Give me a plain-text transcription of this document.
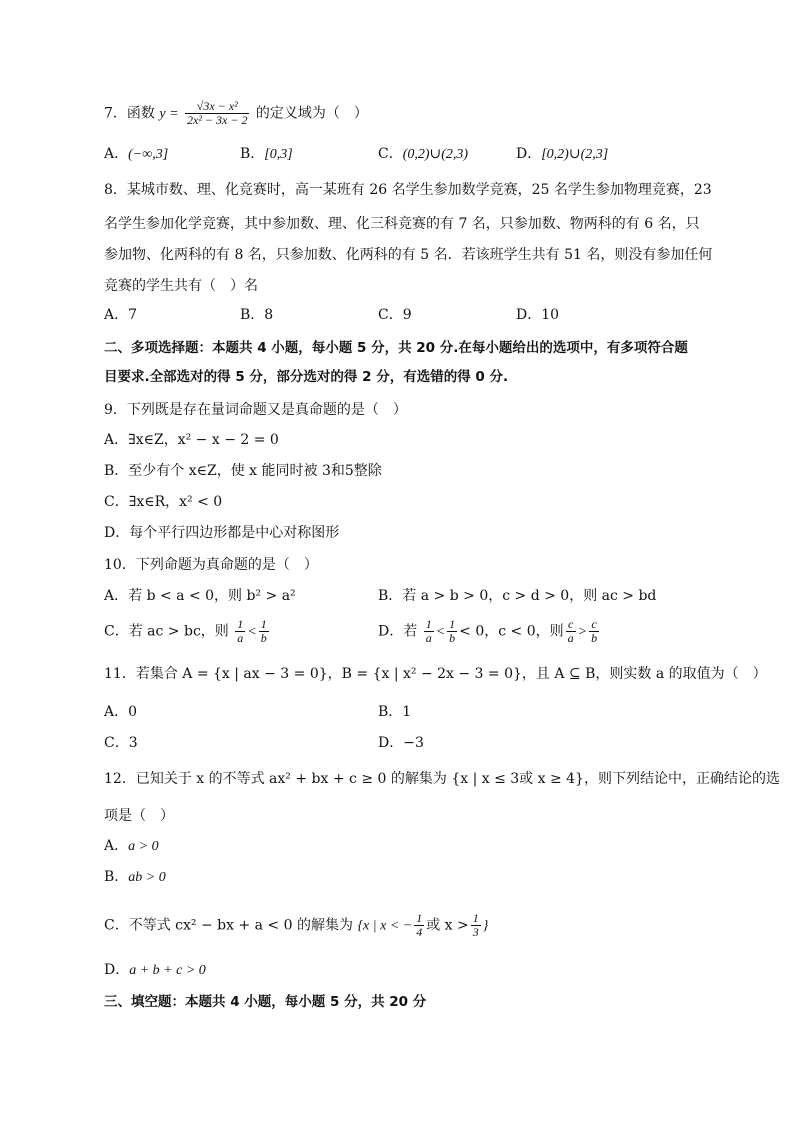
7．函数 $y = \frac{\text{√3x − x²}}{\text{2x² − 3x − 2}}$ 的定义域为（　）
A．(−∞,3]	B．[0,3]	C．(0,2)∪(2,3)	D．[0,2)∪(2,3]
8．某城市数、理、化竞赛时，高一某班有 26 名学生参加数学竞赛，25 名学生参加物理竞赛，23
名学生参加化学竞赛，其中参加数、理、化三科竞赛的有 7 名，只参加数、物两科的有 6 名，只
参加物、化两科的有 8 名，只参加数、化两科的有 5 名．若该班学生共有 51 名，则没有参加任何
竞赛的学生共有（　）名
A．7	B．8	C．9	D．10
二、多项选择题：本题共 4 小题，每小题 5 分，共 20 分.在每小题给出的选项中，有多项符合题
目要求.全部选对的得 5 分，部分选对的得 2 分，有选错的得 0 分.
9．下列既是存在量词命题又是真命题的是（　）
A．∃x∈Z，x² − x − 2 = 0
B．至少有个 x∈Z，使 x 能同时被 3和5整除
C．∃x∈R，x² < 0
D．每个平行四边形都是中心对称图形
10．下列命题为真命题的是（　）
A．若 b < a < 0，则 b² > a²	B．若 a > b > 0，c > d > 0，则 ac > bd
C．若 ac > bc，则 $\frac{1}{a} < \frac{1}{b}$	D．若 $\frac{1}{a} < \frac{1}{b} < 0$，c < 0，则 $\frac{c}{a} > \frac{c}{b}$
11．若集合 A = {x | ax − 3 = 0}，B = {x | x² − 2x − 3 = 0}，且 A ⊆ B，则实数 a 的取值为（　）
A．0	B．1
C．3	D．−3
12．已知关于 x 的不等式 ax² + bx + c ≥ 0 的解集为 {x | x ≤ 3或 x ≥ 4}，则下列结论中，正确结论的选
项是（　）
A．a > 0
B．ab > 0
C．不等式 cx² − bx + a < 0 的解集为 {x | x < − $\frac{1}{4}$ 或 $x > \frac{1}{3}$ }
D．a + b + c > 0
三、填空题：本题共 4 小题，每小题 5 分，共 20 分
